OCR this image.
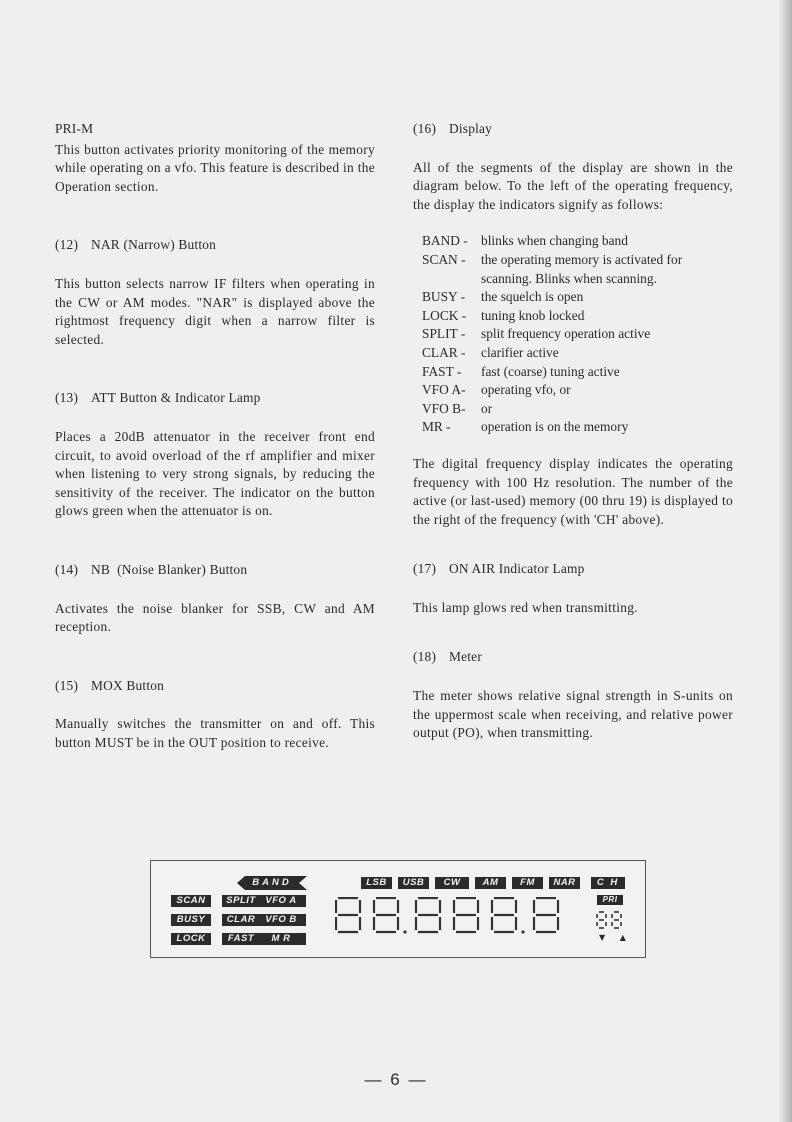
PRI-M

This button activates priority monitoring of the memory while operating on a vfo. This feature is described in the Operation section.

(12) NAR (Narrow) Button

This button selects narrow IF filters when operating in the CW or AM modes. "NAR" is displayed above the rightmost frequency digit when a narrow filter is selected.

(13) ATT Button & Indicator Lamp

Places a 20dB attenuator in the receiver front end circuit, to avoid overload of the rf amplifier and mixer when listening to very strong signals, by reducing the sensitivity of the receiver. The indicator on the button glows green when the attenuator is on.

(14) NB (Noise Blanker) Button

Activates the noise blanker for SSB, CW and AM reception.

(15) MOX Button

Manually switches the transmitter on and off. This button MUST be in the OUT position to receive.

(16) Display

All of the segments of the display are shown in the diagram below. To the left of the operating frequency, the display the indicators signify as follows:

BAND - blinks when changing band
SCAN -	the operating memory is activated for scanning. Blinks when scanning.
BUSY -	the squelch is open
LOCK -	tuning knob locked
SPLIT -	split frequency operation active
CLAR -	clarifier active
FAST -	fast (coarse) tuning active
VFO A-	operating vfo, or
VFO B-	or
MR -	operation is on the memory

The digital frequency display indicates the operating frequency with 100 Hz resolution. The number of the active (or last-used) memory (00 thru 19) is displayed to the right of the frequency (with 'CH' above).

(17) ON AIR Indicator Lamp

This lamp glows red when transmitting.

(18) Meter

The meter shows relative signal strength in S-units on the uppermost scale when receiving, and relative power output (PO), when transmitting.

BAND
SCAN
BUSY
LOCK
SPLIT
CLAR
FAST
VFO A
VFO B
M R
LSB	USB	CW	AM	FM	NAR	C H
PRI
▼ ▲
— 6 —
